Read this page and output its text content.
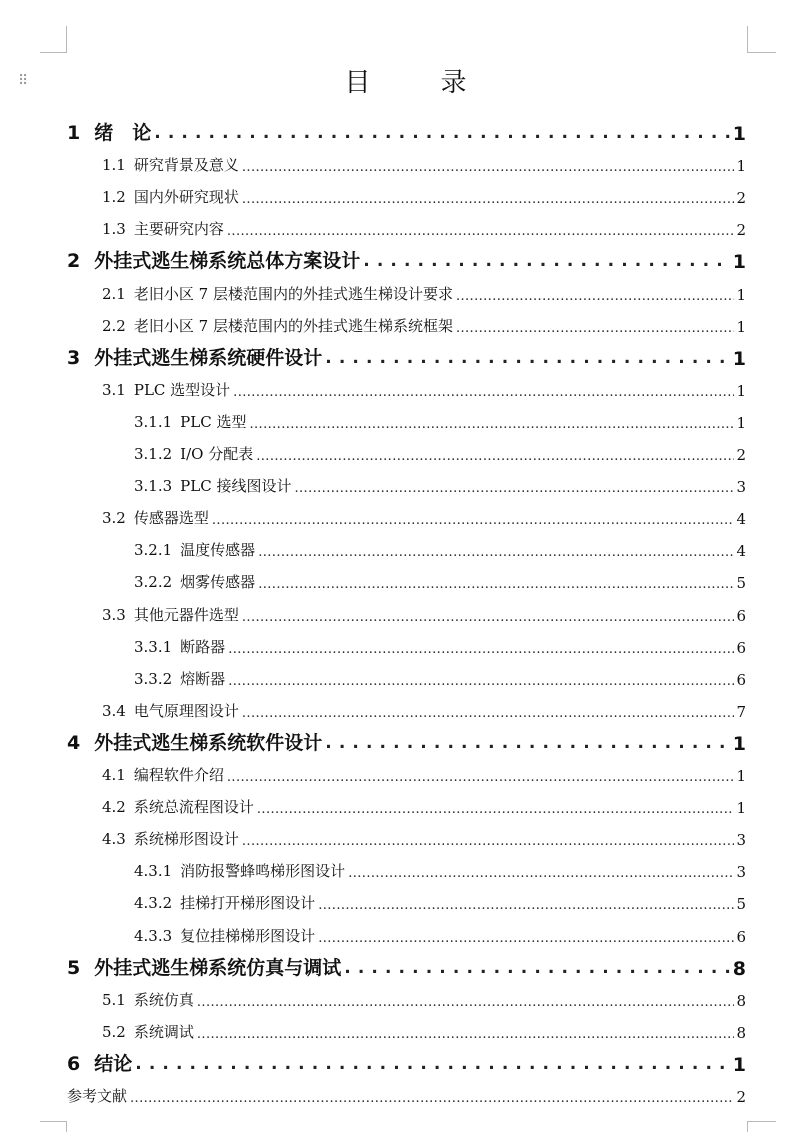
⠿	目　录
1 绪　论 . . .	1
1.1 研究背景及意义 .....	1
1.2 国内外研究现状 .....	2
1.3 主要研究内容 .....	2
2 外挂式逃生梯系统总体方案设计 . . .	1
2.1 老旧小区 7 层楼范围内的外挂式逃生梯设计要求 .....	1
2.2 老旧小区 7 层楼范围内的外挂式逃生梯系统框架 .....	1
3 外挂式逃生梯系统硬件设计 . . .	1
3.1 PLC 选型设计 .....	1
3.1.1 PLC 选型 .....	1
3.1.2 I/O 分配表 .....	2
3.1.3 PLC 接线图设计 .....	3
3.2 传感器选型 .....	4
3.2.1 温度传感器 .....	4
3.2.2 烟雾传感器 .....	5
3.3 其他元器件选型 .....	6
3.3.1 断路器 .....	6
3.3.2 熔断器 .....	6
3.4 电气原理图设计 .....	7
4 外挂式逃生梯系统软件设计 . . .	1
4.1 编程软件介绍 .....	1
4.2 系统总流程图设计 .....	1
4.3 系统梯形图设计 .....	3
4.3.1 消防报警蜂鸣梯形图设计 .....	3
4.3.2 挂梯打开梯形图设计 .....	5
4.3.3 复位挂梯梯形图设计 .....	6
5 外挂式逃生梯系统仿真与调试 . . .	8
5.1 系统仿真 .....	8
5.2 系统调试 .....	8
6 结论 . . .	1
参考文献 .....	2
